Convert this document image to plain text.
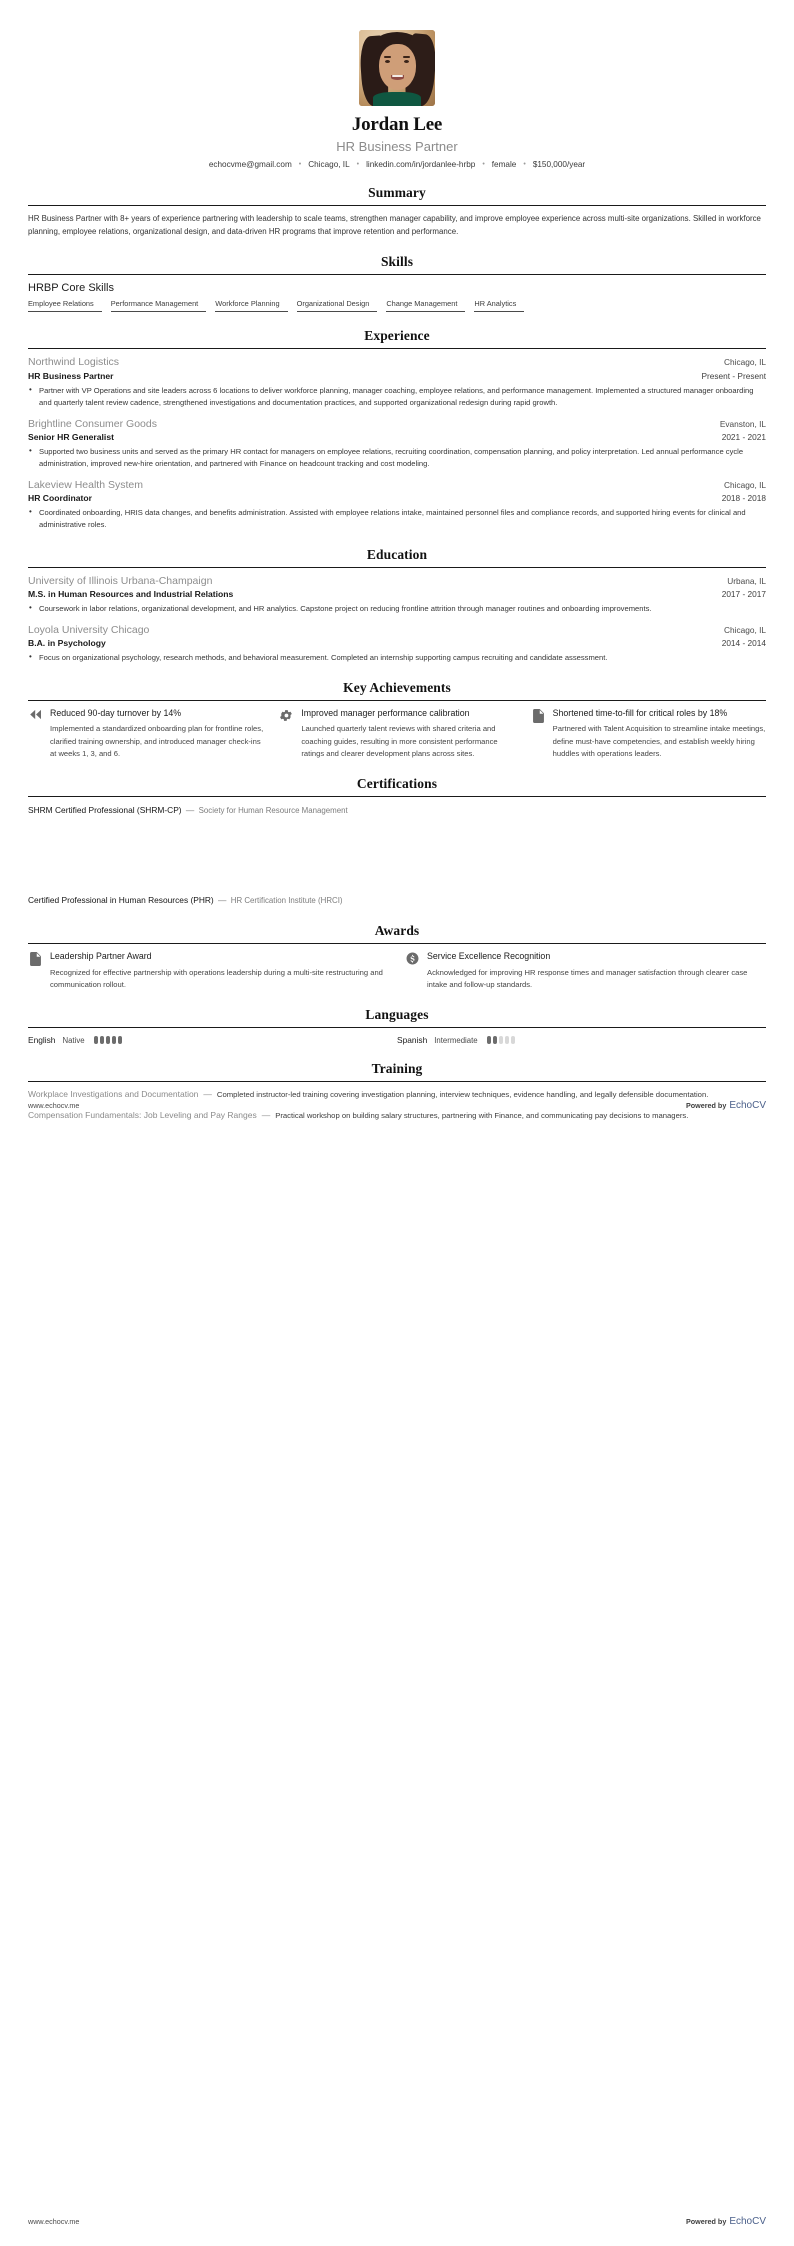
Jordan Lee
HR Business Partner
echocvme@gmail.com • Chicago, IL • linkedin.com/in/jordanlee-hrbp • female • $150,000/year
Summary
HR Business Partner with 8+ years of experience partnering with leadership to scale teams, strengthen manager capability, and improve employee experience across multi-site organizations. Skilled in workforce planning, employee relations, organizational design, and data-driven HR programs that improve retention and performance.
Skills
HRBP Core Skills
Employee Relations	Performance Management	Workforce Planning	Organizational Design	Change Management	HR Analytics
Experience
Northwind Logistics	Chicago, IL
HR Business Partner	Present - Present
• Partner with VP Operations and site leaders across 6 locations to deliver workforce planning, manager coaching, employee relations, and performance management. Implemented a structured manager onboarding and quarterly talent review cadence, strengthened investigations and documentation practices, and supported organizational redesign during rapid growth.
Brightline Consumer Goods	Evanston, IL
Senior HR Generalist	2021 - 2021
• Supported two business units and served as the primary HR contact for managers on employee relations, recruiting coordination, compensation planning, and policy interpretation. Led annual performance cycle administration, improved new-hire orientation, and partnered with Finance on headcount tracking and cost modeling.
Lakeview Health System	Chicago, IL
HR Coordinator	2018 - 2018
• Coordinated onboarding, HRIS data changes, and benefits administration. Assisted with employee relations intake, maintained personnel files and compliance records, and supported hiring events for clinical and administrative roles.
Education
University of Illinois Urbana-Champaign	Urbana, IL
M.S. in Human Resources and Industrial Relations	2017 - 2017
• Coursework in labor relations, organizational development, and HR analytics. Capstone project on reducing frontline attrition through manager routines and onboarding improvements.
Loyola University Chicago	Chicago, IL
B.A. in Psychology	2014 - 2014
• Focus on organizational psychology, research methods, and behavioral measurement. Completed an internship supporting campus recruiting and candidate assessment.
Key Achievements
Reduced 90-day turnover by 14%
Implemented a standardized onboarding plan for frontline roles, clarified training ownership, and introduced manager check-ins at weeks 1, 3, and 6.
Improved manager performance calibration
Launched quarterly talent reviews with shared criteria and coaching guides, resulting in more consistent performance ratings and clearer development plans across sites.
Shortened time-to-fill for critical roles by 18%
Partnered with Talent Acquisition to streamline intake meetings, define must-have competencies, and establish weekly hiring huddles with operations leaders.
Certifications
SHRM Certified Professional (SHRM-CP) — Society for Human Resource Management
Certified Professional in Human Resources (PHR) — HR Certification Institute (HRCI)
Awards
Leadership Partner Award
Recognized for effective partnership with operations leadership during a multi-site restructuring and communication rollout.
Service Excellence Recognition
Acknowledged for improving HR response times and manager satisfaction through clearer case intake and follow-up standards.
Languages
English Native	Spanish Intermediate
Training
Workplace Investigations and Documentation — Completed instructor-led training covering investigation planning, interview techniques, evidence handling, and legally defensible documentation.
Compensation Fundamentals: Job Leveling and Pay Ranges — Practical workshop on building salary structures, partnering with Finance, and communicating pay decisions to managers.
www.echocv.me	Powered by EchoCV
www.echocv.me	Powered by EchoCV
